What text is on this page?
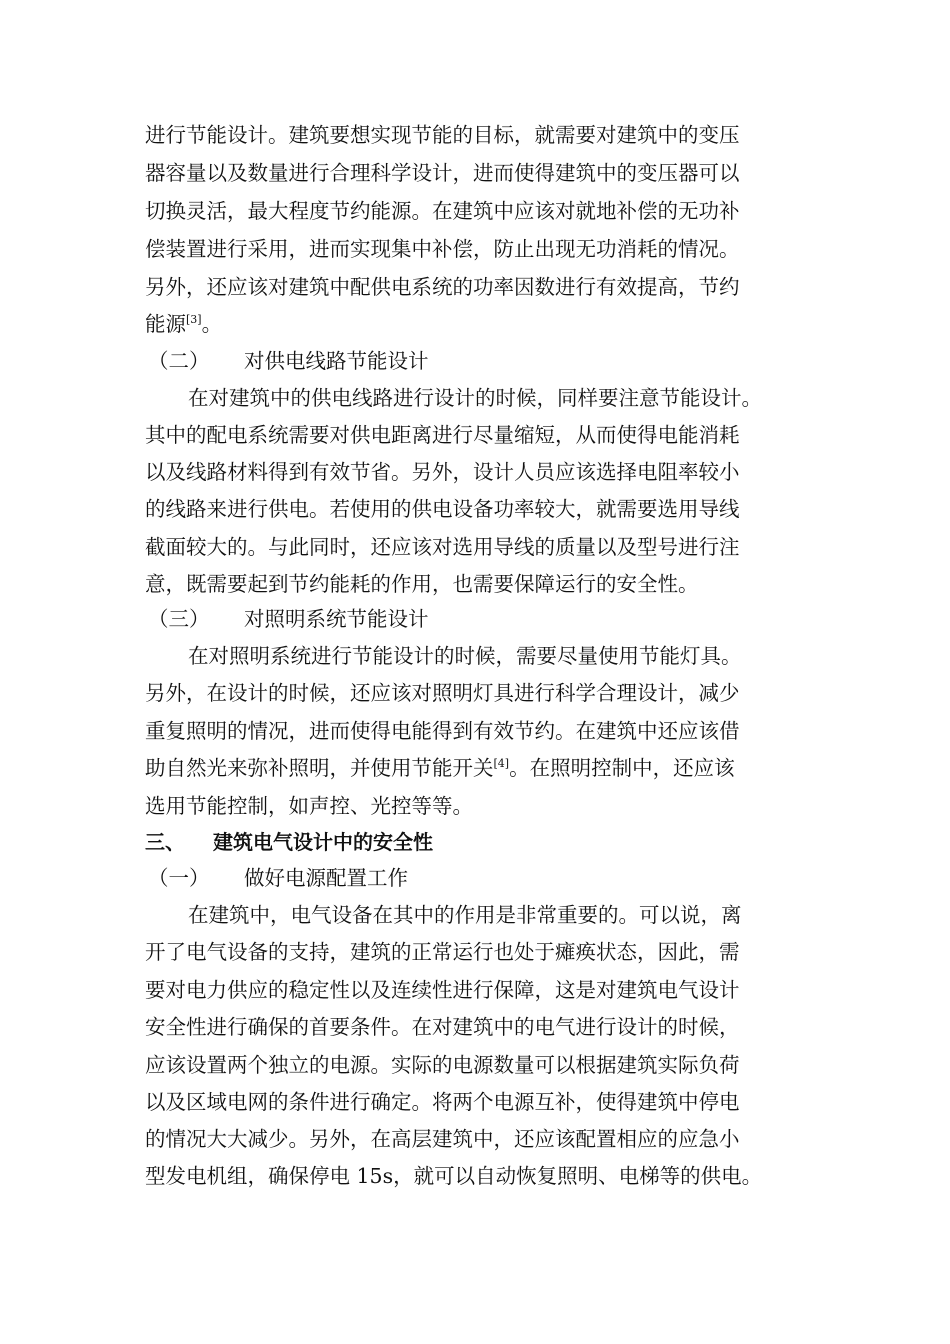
进行节能设计。建筑要想实现节能的目标，就需要对建筑中的变压
器容量以及数量进行合理科学设计，进而使得建筑中的变压器可以
切换灵活，最大程度节约能源。在建筑中应该对就地补偿的无功补
偿装置进行采用，进而实现集中补偿，防止出现无功消耗的情况。
另外，还应该对建筑中配供电系统的功率因数进行有效提高，节约
能源[3]。
（二） 对供电线路节能设计
在对建筑中的供电线路进行设计的时候，同样要注意节能设计。
其中的配电系统需要对供电距离进行尽量缩短，从而使得电能消耗
以及线路材料得到有效节省。另外，设计人员应该选择电阻率较小
的线路来进行供电。若使用的供电设备功率较大，就需要选用导线
截面较大的。与此同时，还应该对选用导线的质量以及型号进行注
意，既需要起到节约能耗的作用，也需要保障运行的安全性。
（三） 对照明系统节能设计
在对照明系统进行节能设计的时候，需要尽量使用节能灯具。
另外，在设计的时候，还应该对照明灯具进行科学合理设计，减少
重复照明的情况，进而使得电能得到有效节约。在建筑中还应该借
助自然光来弥补照明，并使用节能开关[4]。在照明控制中，还应该
选用节能控制，如声控、光控等等。
三、 建筑电气设计中的安全性
（一） 做好电源配置工作
在建筑中，电气设备在其中的作用是非常重要的。可以说，离
开了电气设备的支持，建筑的正常运行也处于瘫痪状态，因此，需
要对电力供应的稳定性以及连续性进行保障，这是对建筑电气设计
安全性进行确保的首要条件。在对建筑中的电气进行设计的时候，
应该设置两个独立的电源。实际的电源数量可以根据建筑实际负荷
以及区域电网的条件进行确定。将两个电源互补，使得建筑中停电
的情况大大减少。另外，在高层建筑中，还应该配置相应的应急小
型发电机组，确保停电 15s，就可以自动恢复照明、电梯等的供电。
